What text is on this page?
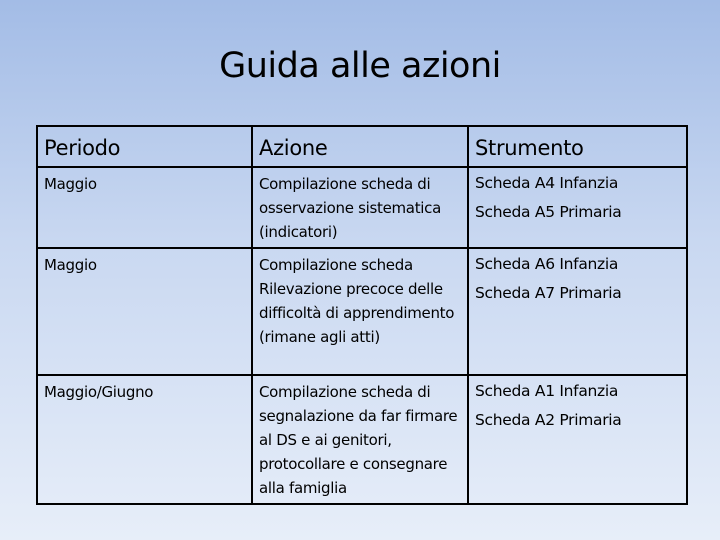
Guida alle azioni
Periodo	Azione	Strumento
Maggio	Compilazione scheda di osservazione sistematica (indicatori)	Scheda A4 Infanzia
Scheda A5 Primaria

Maggio	Compilazione scheda Rilevazione precoce delle difficoltà di apprendimento (rimane agli atti)	Scheda A6 Infanzia
Scheda A7 Primaria

Maggio/Giugno	Compilazione scheda di segnalazione da far firmare al DS e ai genitori, protocollare e consegnare alla famiglia	Scheda A1 Infanzia
Scheda A2 Primaria
